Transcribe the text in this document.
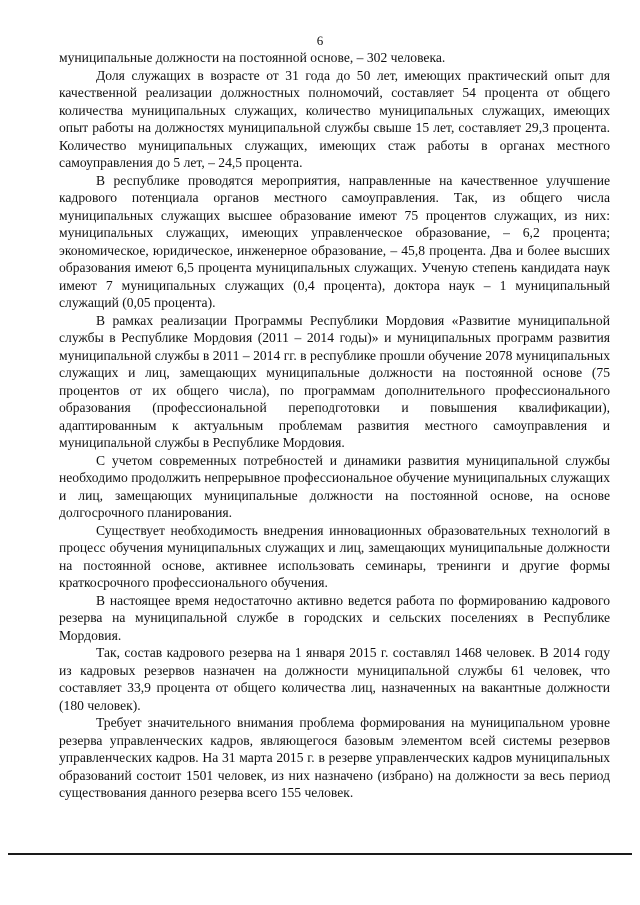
6

муниципальные должности на постоянной основе, – 302 человека.

Доля служащих в возрасте от 31 года до 50 лет, имеющих практический опыт для качественной реализации должностных полномочий, составляет 54 процента от общего количества муниципальных служащих, количество муниципальных служащих, имеющих опыт работы на должностях муниципальной службы свыше 15 лет, составляет 29,3 процента. Количество муниципальных служащих, имеющих стаж работы в органах местного самоуправления до 5 лет, – 24,5 процента.

В республике проводятся мероприятия, направленные на качественное улучшение кадрового потенциала органов местного самоуправления. Так, из общего числа муниципальных служащих высшее образование имеют 75 процентов служащих, из них: муниципальных служащих, имеющих управленческое образование, – 6,2 процента; экономическое, юридическое, инженерное образование, – 45,8 процента. Два и более высших образования имеют 6,5 процента муниципальных служащих. Ученую степень кандидата наук имеют 7 муниципальных служащих (0,4 процента), доктора наук – 1 муниципальный служащий (0,05 процента).

В рамках реализации Программы Республики Мордовия «Развитие муниципальной службы в Республике Мордовия (2011 – 2014 годы)» и муниципальных программ развития муниципальной службы в 2011 – 2014 гг. в республике прошли обучение 2078 муниципальных служащих и лиц, замещающих муниципальные должности на постоянной основе (75 процентов от их общего числа), по программам дополнительного профессионального образования (профессиональной переподготовки и повышения квалификации), адаптированным к актуальным проблемам развития местного самоуправления и муниципальной службы в Республике Мордовия.

С учетом современных потребностей и динамики развития муниципальной службы необходимо продолжить непрерывное профессиональное обучение муниципальных служащих и лиц, замещающих муниципальные должности на постоянной основе, на основе долгосрочного планирования.

Существует необходимость внедрения инновационных образовательных технологий в процесс обучения муниципальных служащих и лиц, замещающих муниципальные должности на постоянной основе, активнее использовать семинары, тренинги и другие формы краткосрочного профессионального обучения.

В настоящее время недостаточно активно ведется работа по формированию кадрового резерва на муниципальной службе в городских и сельских поселениях в Республике Мордовия.

Так, состав кадрового резерва на 1 января 2015 г. составлял 1468 человек. В 2014 году из кадровых резервов назначен на должности муниципальной службы 61 человек, что составляет 33,9 процента от общего количества лиц, назначенных на вакантные должности (180 человек).

Требует значительного внимания проблема формирования на муниципальном уровне резерва управленческих кадров, являющегося базовым элементом всей системы резервов управленческих кадров. На 31 марта 2015 г. в резерве управленческих кадров муниципальных образований состоит 1501 человек, из них назначено (избрано) на должности за весь период существования данного резерва всего 155 человек.
